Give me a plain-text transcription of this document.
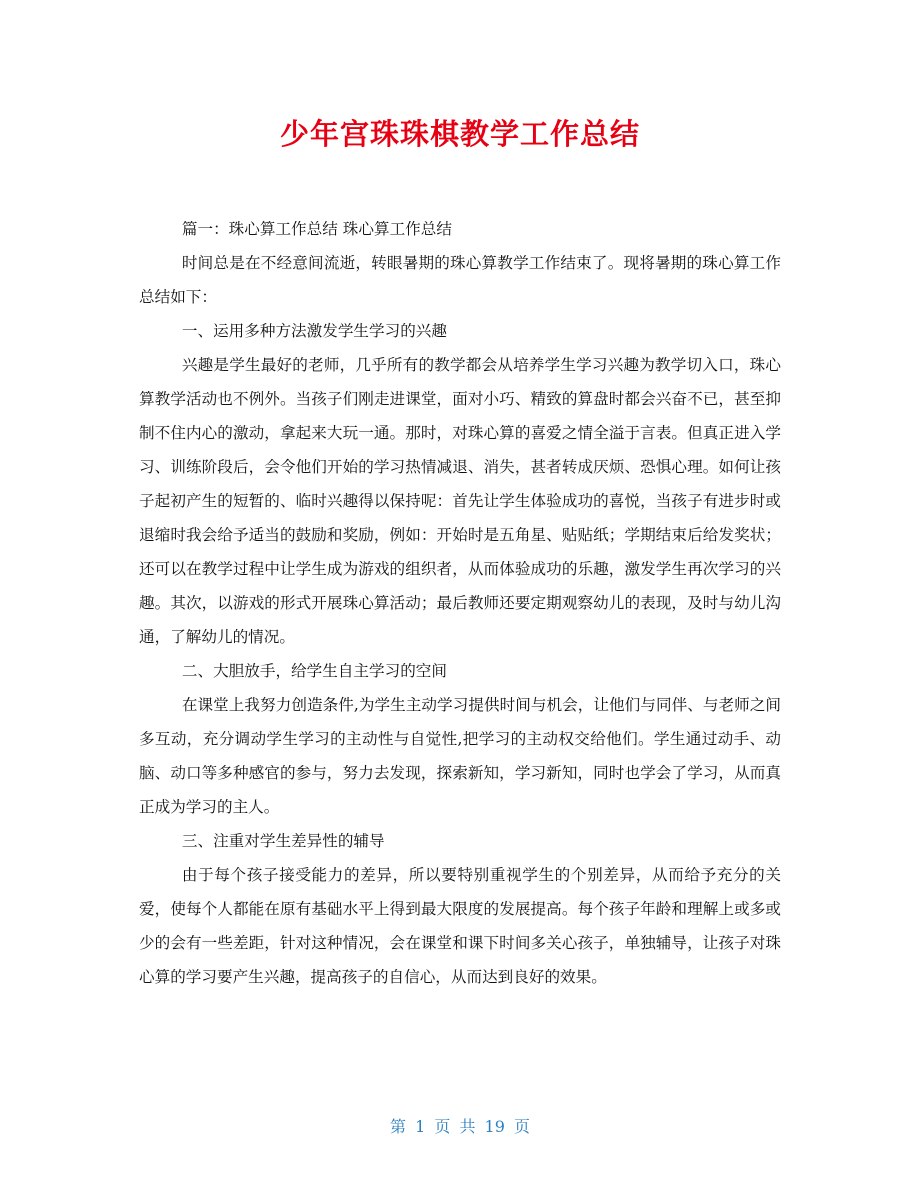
少年宫珠珠棋教学工作总结

篇一：珠心算工作总结 珠心算工作总结

时间总是在不经意间流逝，转眼暑期的珠心算教学工作结束了。现将暑期的珠心算工作总结如下：

一、运用多种方法激发学生学习的兴趣

兴趣是学生最好的老师，几乎所有的教学都会从培养学生学习兴趣为教学切入口，珠心算教学活动也不例外。当孩子们刚走进课堂，面对小巧、精致的算盘时都会兴奋不已，甚至抑制不住内心的激动，拿起来大玩一通。那时，对珠心算的喜爱之情全溢于言表。但真正进入学习、训练阶段后，会令他们开始的学习热情减退、消失，甚者转成厌烦、恐惧心理。如何让孩子起初产生的短暂的、临时兴趣得以保持呢：首先让学生体验成功的喜悦，当孩子有进步时或退缩时我会给予适当的鼓励和奖励，例如：开始时是五角星、贴贴纸；学期结束后给发奖状；还可以在教学过程中让学生成为游戏的组织者，从而体验成功的乐趣，激发学生再次学习的兴趣。其次，以游戏的形式开展珠心算活动；最后教师还要定期观察幼儿的表现，及时与幼儿沟通，了解幼儿的情况。

二、大胆放手，给学生自主学习的空间

在课堂上我努力创造条件,为学生主动学习提供时间与机会，让他们与同伴、与老师之间多互动，充分调动学生学习的主动性与自觉性,把学习的主动权交给他们。学生通过动手、动脑、动口等多种感官的参与，努力去发现，探索新知，学习新知，同时也学会了学习，从而真正成为学习的主人。

三、注重对学生差异性的辅导

由于每个孩子接受能力的差异，所以要特别重视学生的个别差异，从而给予充分的关爱，使每个人都能在原有基础水平上得到最大限度的发展提高。每个孩子年龄和理解上或多或少的会有一些差距，针对这种情况，会在课堂和课下时间多关心孩子，单独辅导，让孩子对珠心算的学习要产生兴趣，提高孩子的自信心，从而达到良好的效果。

第 1 页 共 19 页
